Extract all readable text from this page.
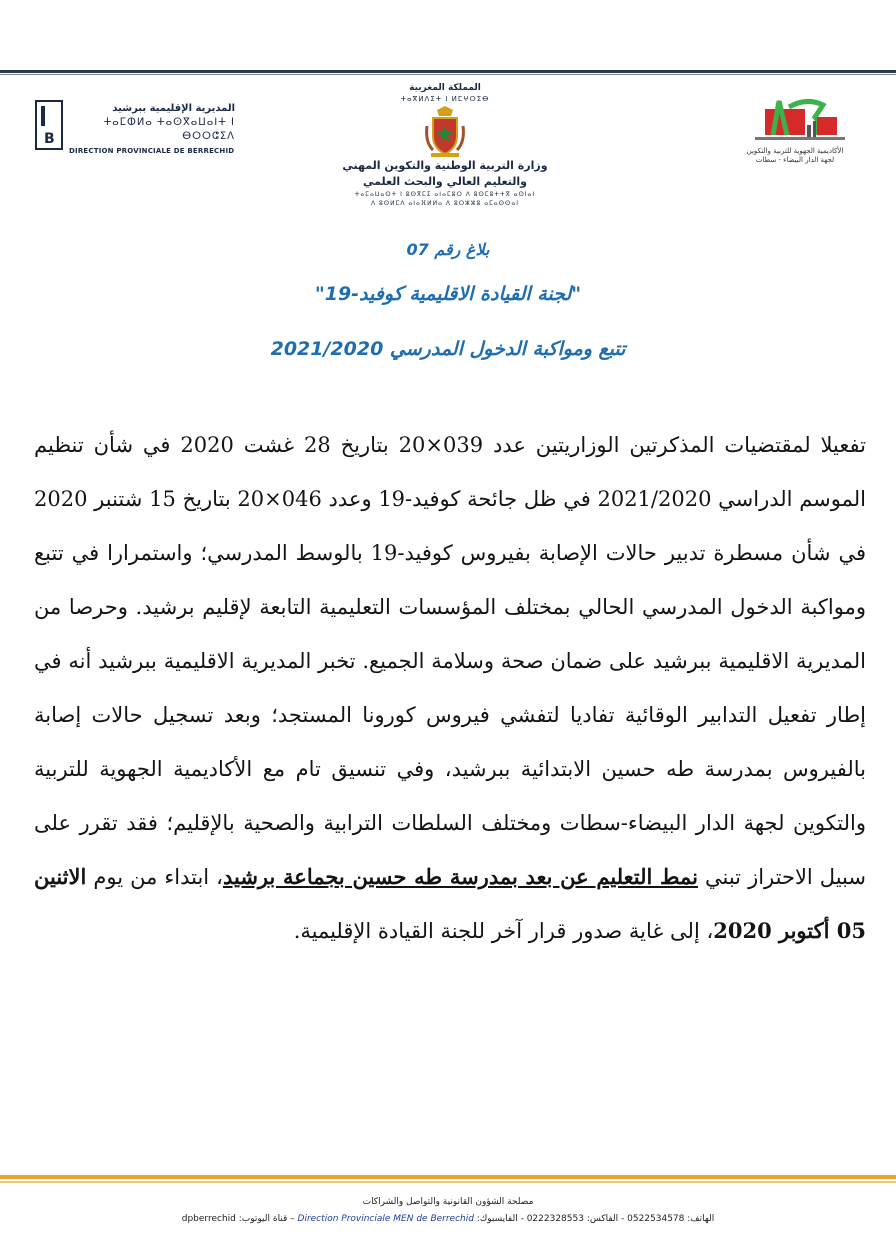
B
المديرية الإقليمية ببرشيد
ⵜⴰⵎⵀⵍⴰ ⵜⴰⵙⴳⴰⵡⴰⵏⵜ ⵏ ⴱⵔⵔⵛⵉⴷ
DIRECTION PROVINCIALE DE BERRECHID
المملكة المغربية
ⵜⴰⴳⵍⴷⵉⵜ ⵏ ⵍⵎⵖⵔⵉⴱ
وزارة التربية الوطنية والتكوين المهني
والتعليم العالي والبحث العلمي
ⵜⴰⵎⴰⵡⴰⵙⵜ ⵏ ⵓⵙⴳⵎⵉ ⴰⵏⴰⵎⵓⵔ ⴷ ⵓⵙⵎⵓⵜⵜⴳ ⴰⵙⵏⴰⵏ
ⴷ ⵓⵙⵍⵎⴷ ⴰⵏⴰⴼⵍⵍⴰ ⴷ ⵓⵔⵣⵣⵓ ⴰⵎⴰⵙⵙⴰⵏ
الأكاديمية الجهوية للتربية والتكوين
لجهة الدار البيضاء - سطات
بلاغ رقم 07
"لجنة القيادة الاقليمية كوفيد-19"
تتبع ومواكبة الدخول المدرسي 2021/2020
تفعيلا لمقتضيات المذكرتين الوزاريتين عدد 039×20 بتاريخ 28 غشت 2020 في شأن تنظيم الموسم الدراسي 2021/2020 في ظل جائحة كوفيد-19 وعدد 046×20 بتاريخ 15 شتنبر 2020 في شأن مسطرة تدبير حالات الإصابة بفيروس كوفيد-19 بالوسط المدرسي؛ واستمرارا في تتبع ومواكبة الدخول المدرسي الحالي بمختلف المؤسسات التعليمية التابعة لإقليم برشيد. وحرصا من المديرية الاقليمية ببرشيد على ضمان صحة وسلامة الجميع. تخبر المديرية الاقليمية ببرشيد أنه في إطار تفعيل التدابير الوقائية تفاديا لتفشي فيروس كورونا المستجد؛ وبعد تسجيل حالات إصابة بالفيروس بمدرسة طه حسين الابتدائية ببرشيد، وفي تنسيق تام مع الأكاديمية الجهوية للتربية والتكوين لجهة الدار البيضاء-سطات ومختلف السلطات الترابية والصحية بالإقليم؛ فقد تقرر على سبيل الاحتراز تبني نمط التعليم عن بعد بمدرسة طه حسين بجماعة برشيد، ابتداء من يوم الاثنين 05 أكتوبر 2020، إلى غاية صدور قرار آخر للجنة القيادة الإقليمية.
مصلحة الشؤون القانونية والتواصل والشراكات
الهاتف: 0522534578 - الفاكس: 0222328553 - الفايسبوك: Direction Provinciale MEN de Berrechid – قناة اليوتوب: dpberrechid
